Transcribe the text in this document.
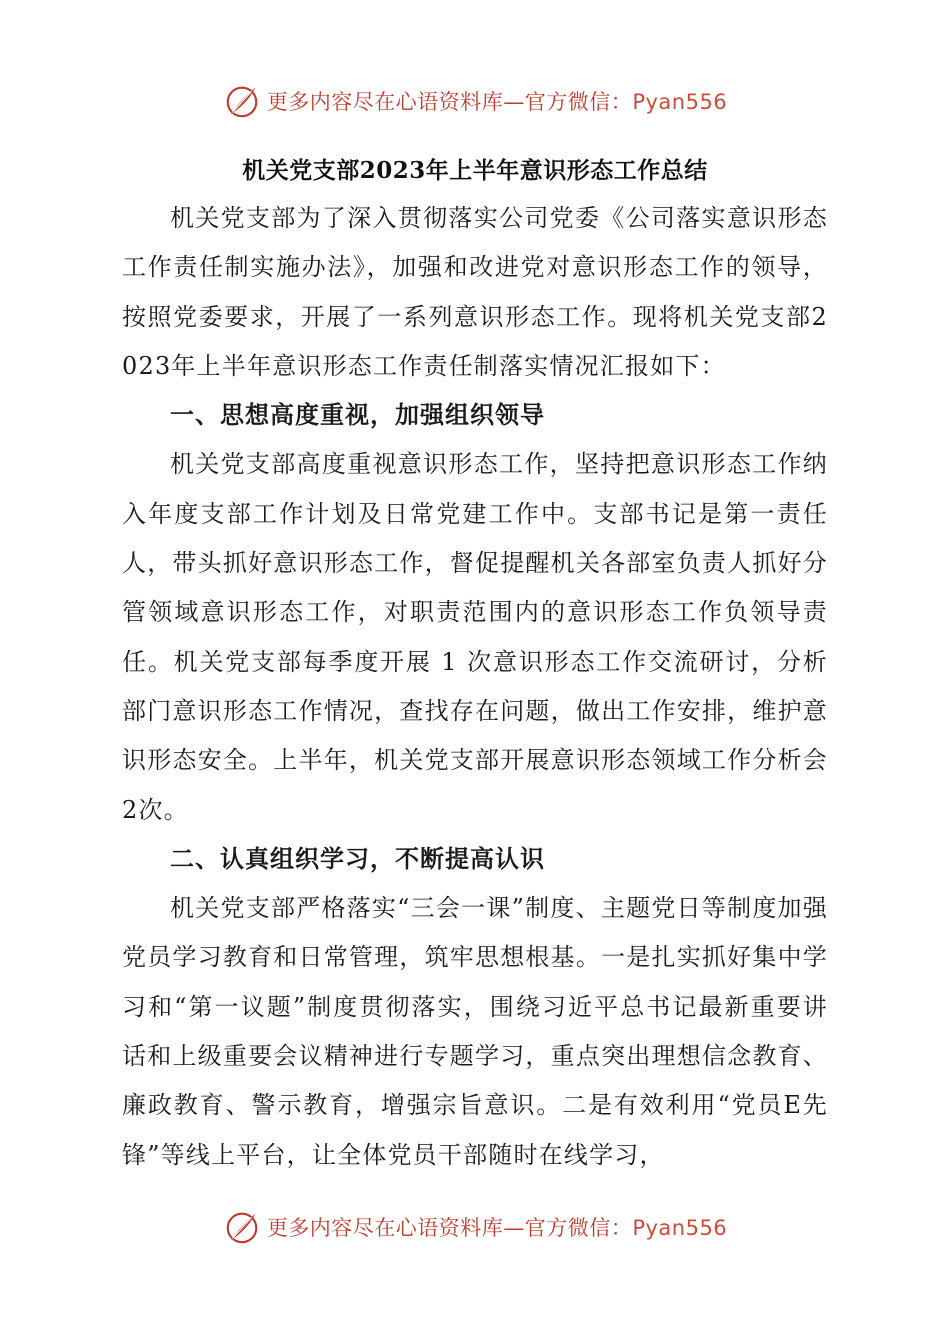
更多内容尽在心语资料库—官方微信：Pyan556
机关党支部2023年上半年意识形态工作总结

机关党支部为了深入贯彻落实公司党委《公司落实意识形态工作责任制实施办法》，加强和改进党对意识形态工作的领导，按照党委要求，开展了一系列意识形态工作。现将机关党支部2023年上半年意识形态工作责任制落实情况汇报如下：

一、思想高度重视，加强组织领导

机关党支部高度重视意识形态工作，坚持把意识形态工作纳入年度支部工作计划及日常党建工作中。支部书记是第一责任人，带头抓好意识形态工作，督促提醒机关各部室负责人抓好分管领域意识形态工作，对职责范围内的意识形态工作负领导责任。机关党支部每季度开展 1 次意识形态工作交流研讨，分析部门意识形态工作情况，查找存在问题，做出工作安排，维护意识形态安全。上半年，机关党支部开展意识形态领域工作分析会2次。

二、认真组织学习，不断提高认识

机关党支部严格落实“三会一课”制度、主题党日等制度加强党员学习教育和日常管理，筑牢思想根基。一是扎实抓好集中学习和“第一议题”制度贯彻落实，围绕习近平总书记最新重要讲话和上级重要会议精神进行专题学习，重点突出理想信念教育、廉政教育、警示教育，增强宗旨意识。二是有效利用“党员E先锋”等线上平台，让全体党员干部随时在线学习，

更多内容尽在心语资料库—官方微信：Pyan556
